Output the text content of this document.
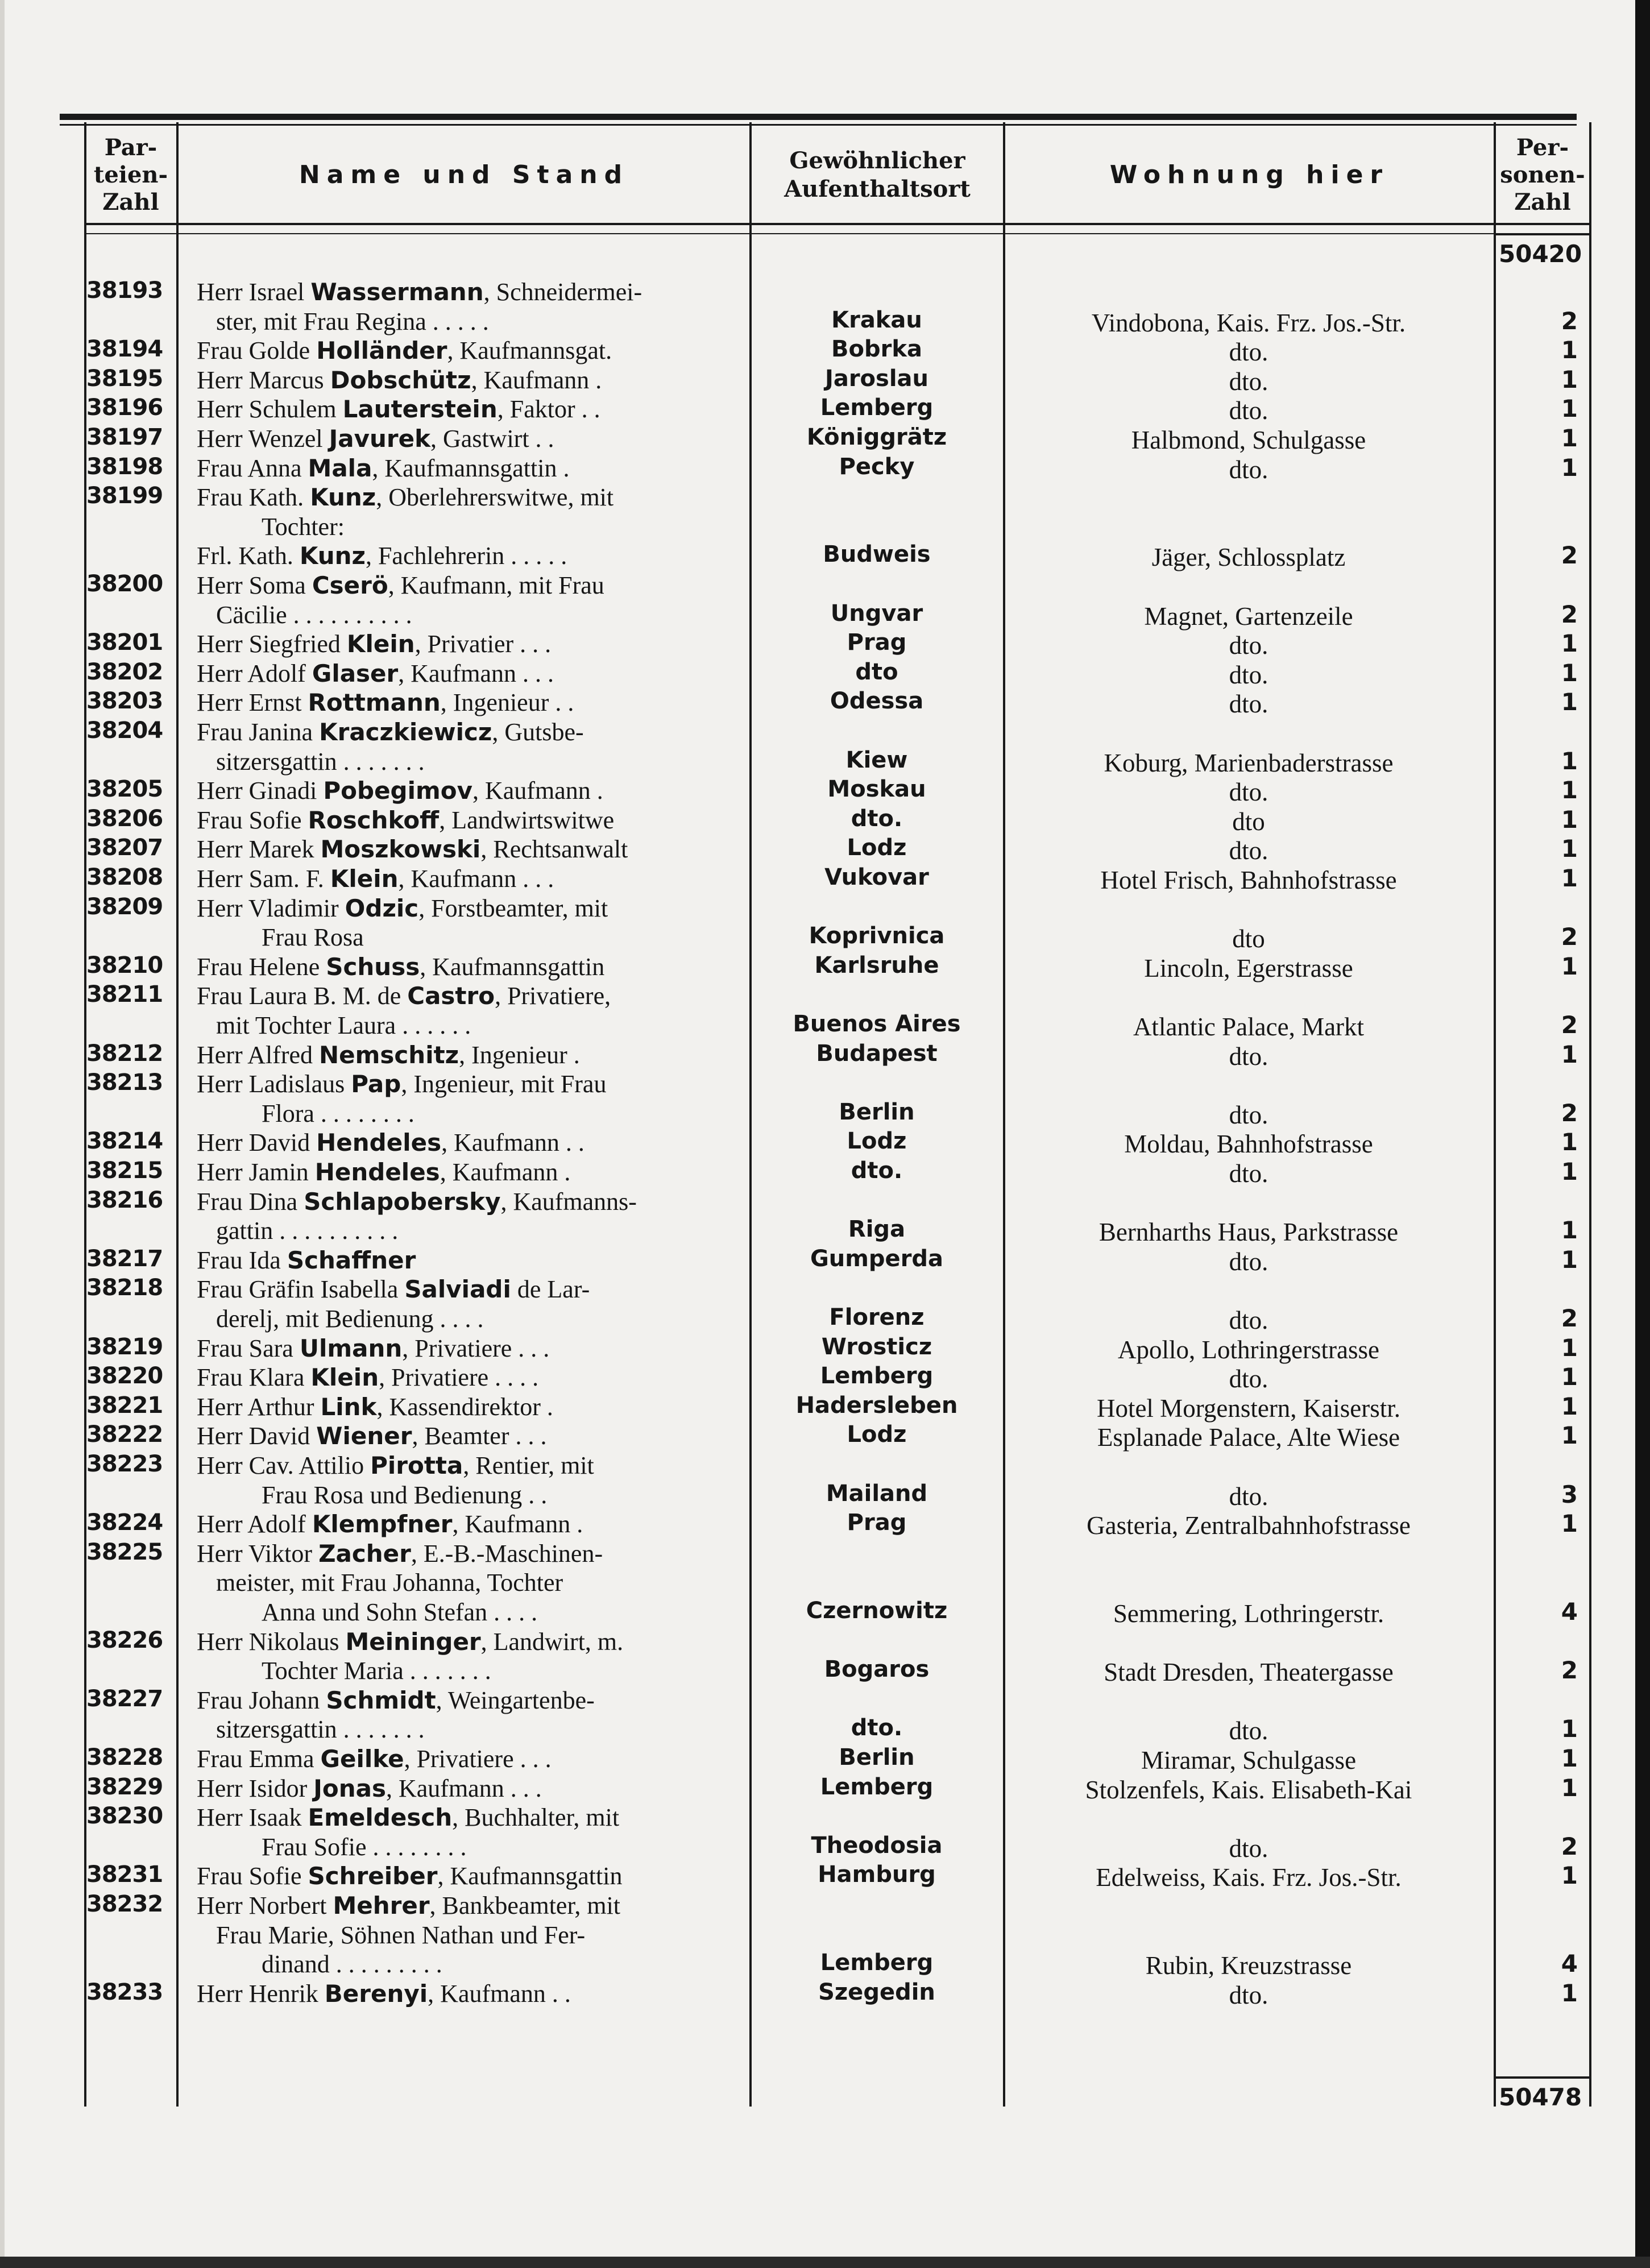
Par-
teien-
Zahl
Name und Stand	Gewöhnlicher
Aufenthaltsort	Wohnung hier
Per-
sonen-
Zahl
50420
50478
38193 Herr Israel Wassermann, Schneidermei-
ster, mit Frau Regina . . . . .	Krakau	Vindobona, Kais. Frz. Jos.-Str.	2
38194 Frau Golde Holländer, Kaufmannsgat.	Bobrka	dto.	1
38195 Herr Marcus Dobschütz, Kaufmann .	Jaroslau	dto.	1
38196 Herr Schulem Lauterstein, Faktor . .	Lemberg	dto.	1
38197 Herr Wenzel Javurek, Gastwirt . .	Königgrätz	Halbmond, Schulgasse	1
38198 Frau Anna Mala, Kaufmannsgattin .	Pecky	dto.	1
38199 Frau Kath. Kunz, Oberlehrerswitwe, mit
Tochter:
Frl. Kath. Kunz, Fachlehrerin . . . . .	Budweis	Jäger, Schlossplatz	2
38200 Herr Soma Cserö, Kaufmann, mit Frau
Cäcilie . . . . . . . . . .	Ungvar	Magnet, Gartenzeile	2
38201 Herr Siegfried Klein, Privatier . . .	Prag	dto.	1
38202 Herr Adolf Glaser, Kaufmann . . .	dto	dto.	1
38203 Herr Ernst Rottmann, Ingenieur . .	Odessa	dto.	1
38204 Frau Janina Kraczkiewicz, Gutsbe-
sitzersgattin . . . . . . .	Kiew	Koburg, Marienbaderstrasse	1
38205 Herr Ginadi Pobegimov, Kaufmann .	Moskau	dto.	1
38206 Frau Sofie Roschkoff, Landwirtswitwe	dto.	dto	1
38207 Herr Marek Moszkowski, Rechtsanwalt	Lodz	dto.	1
38208 Herr Sam. F. Klein, Kaufmann . . .	Vukovar	Hotel Frisch, Bahnhofstrasse	1
38209 Herr Vladimir Odzic, Forstbeamter, mit
Frau Rosa	Koprivnica	dto	2
38210 Frau Helene Schuss, Kaufmannsgattin	Karlsruhe	Lincoln, Egerstrasse	1
38211 Frau Laura B. M. de Castro, Privatiere,
mit Tochter Laura . . . . . .	Buenos Aires	Atlantic Palace, Markt	2
38212 Herr Alfred Nemschitz, Ingenieur .	Budapest	dto.	1
38213 Herr Ladislaus Pap, Ingenieur, mit Frau
Flora . . . . . . . .	Berlin	dto.	2
38214 Herr David Hendeles, Kaufmann . .	Lodz	Moldau, Bahnhofstrasse	1
38215 Herr Jamin Hendeles, Kaufmann .	dto.	dto.	1
38216 Frau Dina Schlapobersky, Kaufmanns-
gattin . . . . . . . . . .	Riga	Bernharths Haus, Parkstrasse	1
38217 Frau Ida Schaffner	Gumperda	dto.	1
38218 Frau Gräfin Isabella Salviadi de Lar-
derelj, mit Bedienung . . . .	Florenz	dto.	2
38219 Frau Sara Ulmann, Privatiere . . .	Wrosticz	Apollo, Lothringerstrasse	1
38220 Frau Klara Klein, Privatiere . . . .	Lemberg	dto.	1
38221 Herr Arthur Link, Kassendirektor .	Hadersleben	Hotel Morgenstern, Kaiserstr.	1
38222 Herr David Wiener, Beamter . . .	Lodz	Esplanade Palace, Alte Wiese	1
38223 Herr Cav. Attilio Pirotta, Rentier, mit
Frau Rosa und Bedienung . .	Mailand	dto.	3
38224 Herr Adolf Klempfner, Kaufmann .	Prag	Gasteria, Zentralbahnhofstrasse	1
38225 Herr Viktor Zacher, E.-B.-Maschinen-
meister, mit Frau Johanna, Tochter
Anna und Sohn Stefan . . . .	Czernowitz	Semmering, Lothringerstr.	4
38226 Herr Nikolaus Meininger, Landwirt, m.
Tochter Maria . . . . . . .	Bogaros	Stadt Dresden, Theatergasse	2
38227 Frau Johann Schmidt, Weingartenbe-
sitzersgattin . . . . . . .	dto.	dto.	1
38228 Frau Emma Geilke, Privatiere . . .	Berlin	Miramar, Schulgasse	1
38229 Herr Isidor Jonas, Kaufmann . . .	Lemberg	Stolzenfels, Kais. Elisabeth-Kai	1
38230 Herr Isaak Emeldesch, Buchhalter, mit
Frau Sofie . . . . . . . .	Theodosia	dto.	2
38231 Frau Sofie Schreiber, Kaufmannsgattin	Hamburg	Edelweiss, Kais. Frz. Jos.-Str.	1
38232 Herr Norbert Mehrer, Bankbeamter, mit
Frau Marie, Söhnen Nathan und Fer-
dinand . . . . . . . . .	Lemberg	Rubin, Kreuzstrasse	4
38233 Herr Henrik Berenyi, Kaufmann . .	Szegedin	dto.	1
